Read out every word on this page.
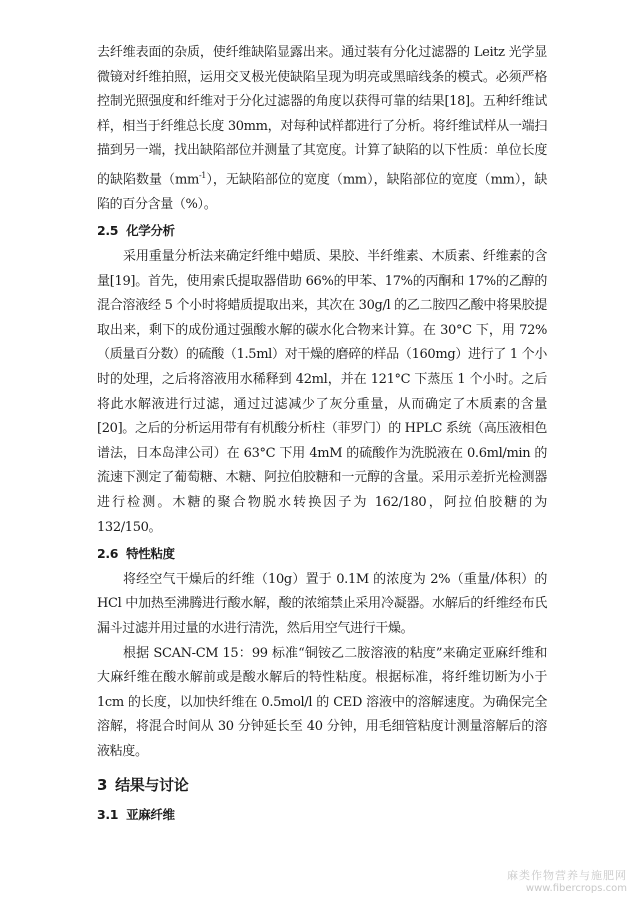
去纤维表面的杂质，使纤维缺陷显露出来。通过装有分化过滤器的 Leitz 光学显微镜对纤维拍照，运用交叉极光使缺陷呈现为明亮或黑暗线条的模式。必须严格控制光照强度和纤维对于分化过滤器的角度以获得可靠的结果[18]。五种纤维试样，相当于纤维总长度 30mm，对每种试样都进行了分析。将纤维试样从一端扫描到另一端，找出缺陷部位并测量了其宽度。计算了缺陷的以下性质：单位长度的缺陷数量$(mm^{-1})$，无缺陷部位的宽度（mm），缺陷部位的宽度（mm），缺陷的百分含量（%）。

2.5 化学分析

采用重量分析法来确定纤维中蜡质、果胶、半纤维素、木质素、纤维素的含量[19]。首先，使用索氏提取器借助 66%的甲苯、17%的丙酮和 17%的乙醇的混合溶液经 5 个小时将蜡质提取出来，其次在 30g/l 的乙二胺四乙酸中将果胶提取出来，剩下的成份通过强酸水解的碳水化合物来计算。在 30°C 下，用 72%（质量百分数）的硫酸（1.5ml）对干燥的磨碎的样品（160mg）进行了 1 个小时的处理，之后将溶液用水稀释到 42ml，并在 121°C 下蒸压 1 个小时。之后将此水解液进行过滤，通过过滤减少了灰分重量，从而确定了木质素的含量[20]。之后的分析运用带有有机酸分析柱（菲罗门）的 HPLC 系统（高压液相色谱法，日本岛津公司）在 63°C 下用 4mM 的硫酸作为洗脱液在 0.6ml/min 的流速下测定了葡萄糖、木糖、阿拉伯胶糖和一元醇的含量。采用示差折光检测器进行检测。木糖的聚合物脱水转换因子为 162/180，阿拉伯胶糖的为 132/150。

2.6 特性粘度

将经空气干燥后的纤维（10g）置于 0.1M 的浓度为 2%（重量/体积）的 HCl 中加热至沸腾进行酸水解，酸的浓缩禁止采用冷凝器。水解后的纤维经布氏漏斗过滤并用过量的水进行清洗，然后用空气进行干燥。

根据 SCAN-CM 15：99 标准“铜铵乙二胺溶液的粘度”来确定亚麻纤维和大麻纤维在酸水解前或是酸水解后的特性粘度。根据标准，将纤维切断为小于 1cm 的长度，以加快纤维在 0.5mol/l 的 CED 溶液中的溶解速度。为确保完全溶解，将混合时间从 30 分钟延长至 40 分钟，用毛细管粘度计测量溶解后的溶液粘度。

3 结果与讨论
3.1 亚麻纤维
麻类作物营养与施肥网
www.fibercrops.com
